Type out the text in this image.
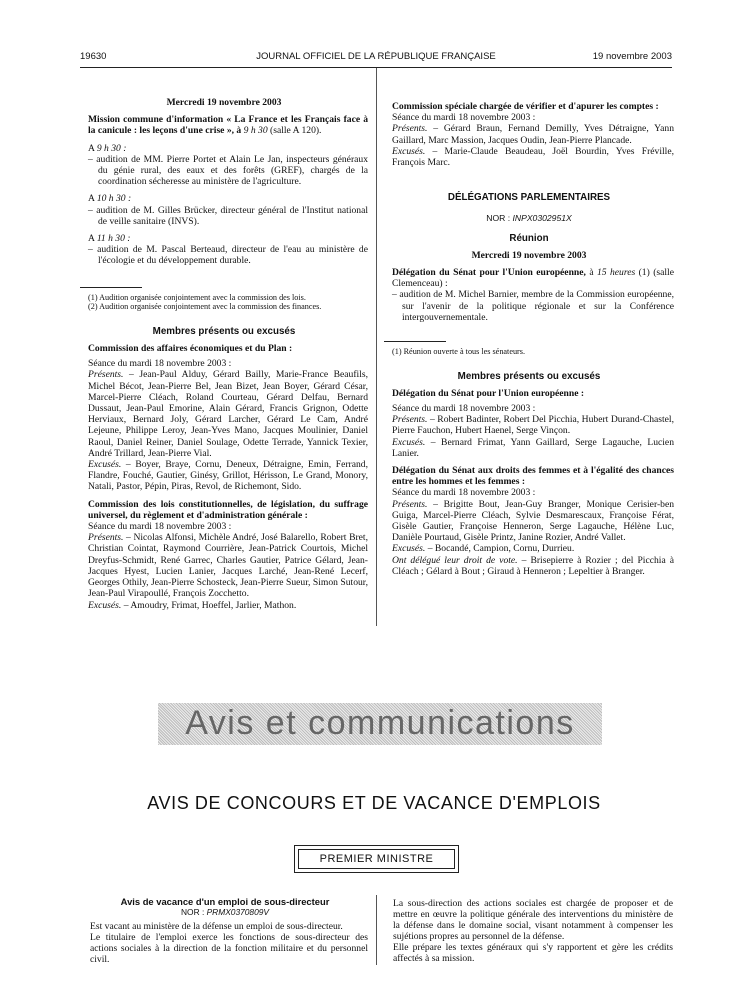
19630	JOURNAL OFFICIEL DE LA RÉPUBLIQUE FRANÇAISE	19 novembre 2003

Mercredi 19 novembre 2003

Mission commune d'information « La France et les Français face à la canicule : les leçons d'une crise », à 9 h 30 (salle A 120).

A 9 h 30 :

– audition de MM. Pierre Portet et Alain Le Jan, inspecteurs généraux du génie rural, des eaux et des forêts (GREF), chargés de la coordination sécheresse au ministère de l'agriculture.

A 10 h 30 :

– audition de M. Gilles Brücker, directeur général de l'Institut national de veille sanitaire (INVS).

A 11 h 30 :

– audition de M. Pascal Berteaud, directeur de l'eau au ministère de l'écologie et du développement durable.

(1) Audition organisée conjointement avec la commission des lois.

(2) Audition organisée conjointement avec la commission des finances.

Membres présents ou excusés

Commission des affaires économiques et du Plan :

Séance du mardi 18 novembre 2003 :

Présents. – Jean-Paul Alduy, Gérard Bailly, Marie-France Beaufils, Michel Bécot, Jean-Pierre Bel, Jean Bizet, Jean Boyer, Gérard César, Marcel-Pierre Cléach, Roland Courteau, Gérard Delfau, Bernard Dussaut, Jean-Paul Emorine, Alain Gérard, Francis Grignon, Odette Herviaux, Bernard Joly, Gérard Larcher, Gérard Le Cam, André Lejeune, Philippe Leroy, Jean-Yves Mano, Jacques Moulinier, Daniel Raoul, Daniel Reiner, Daniel Soulage, Odette Terrade, Yannick Texier, André Trillard, Jean-Pierre Vial.

Excusés. – Boyer, Braye, Cornu, Deneux, Détraigne, Emin, Ferrand, Flandre, Fouché, Gautier, Ginésy, Grillot, Hérisson, Le Grand, Monory, Natali, Pastor, Pépin, Piras, Revol, de Richemont, Sido.

Commission des lois constitutionnelles, de législation, du suffrage universel, du règlement et d'administration générale :

Séance du mardi 18 novembre 2003 :

Présents. – Nicolas Alfonsi, Michèle André, José Balarello, Robert Bret, Christian Cointat, Raymond Courrière, Jean-Patrick Courtois, Michel Dreyfus-Schmidt, René Garrec, Charles Gautier, Patrice Gélard, Jean-Jacques Hyest, Lucien Lanier, Jacques Larché, Jean-René Lecerf, Georges Othily, Jean-Pierre Schosteck, Jean-Pierre Sueur, Simon Sutour, Jean-Paul Virapoullé, François Zocchetto.

Excusés. – Amoudry, Frimat, Hoeffel, Jarlier, Mathon.

Commission spéciale chargée de vérifier et d'apurer les comptes :

Séance du mardi 18 novembre 2003 :

Présents. – Gérard Braun, Fernand Demilly, Yves Détraigne, Yann Gaillard, Marc Massion, Jacques Oudin, Jean-Pierre Plancade.

Excusés. – Marie-Claude Beaudeau, Joël Bourdin, Yves Fréville, François Marc.

DÉLÉGATIONS PARLEMENTAIRES

NOR : INPX0302951X

Réunion

Mercredi 19 novembre 2003

Délégation du Sénat pour l'Union européenne, à 15 heures (1) (salle Clemenceau) :

– audition de M. Michel Barnier, membre de la Commission européenne, sur l'avenir de la politique régionale et sur la Conférence intergouvernementale.

(1) Réunion ouverte à tous les sénateurs.

Membres présents ou excusés

Délégation du Sénat pour l'Union européenne :

Séance du mardi 18 novembre 2003 :

Présents. – Robert Badinter, Robert Del Picchia, Hubert Durand-Chastel, Pierre Fauchon, Hubert Haenel, Serge Vinçon.

Excusés. – Bernard Frimat, Yann Gaillard, Serge Lagauche, Lucien Lanier.

Délégation du Sénat aux droits des femmes et à l'égalité des chances entre les hommes et les femmes :

Séance du mardi 18 novembre 2003 :

Présents. – Brigitte Bout, Jean-Guy Branger, Monique Cerisier-ben Guiga, Marcel-Pierre Cléach, Sylvie Desmarescaux, Françoise Férat, Gisèle Gautier, Françoise Henneron, Serge Lagauche, Hélène Luc, Danièle Pourtaud, Gisèle Printz, Janine Rozier, André Vallet.

Excusés. – Bocandé, Campion, Cornu, Durrieu.

Ont délégué leur droit de vote. – Brisepierre à Rozier ; del Picchia à Cléach ; Gélard à Bout ; Giraud à Henneron ; Lepeltier à Branger.

Avis et communications
AVIS DE CONCOURS ET DE VACANCE D'EMPLOIS
PREMIER MINISTRE

Avis de vacance d'un emploi de sous-directeur

NOR : PRMX0370809V

Est vacant au ministère de la défense un emploi de sous-directeur.

Le titulaire de l'emploi exerce les fonctions de sous-directeur des actions sociales à la direction de la fonction militaire et du personnel civil.

La sous-direction des actions sociales est chargée de proposer et de mettre en œuvre la politique générale des interventions du ministère de la défense dans le domaine social, visant notamment à compenser les sujétions propres au personnel de la défense.

Elle prépare les textes généraux qui s'y rapportent et gère les crédits affectés à sa mission.
